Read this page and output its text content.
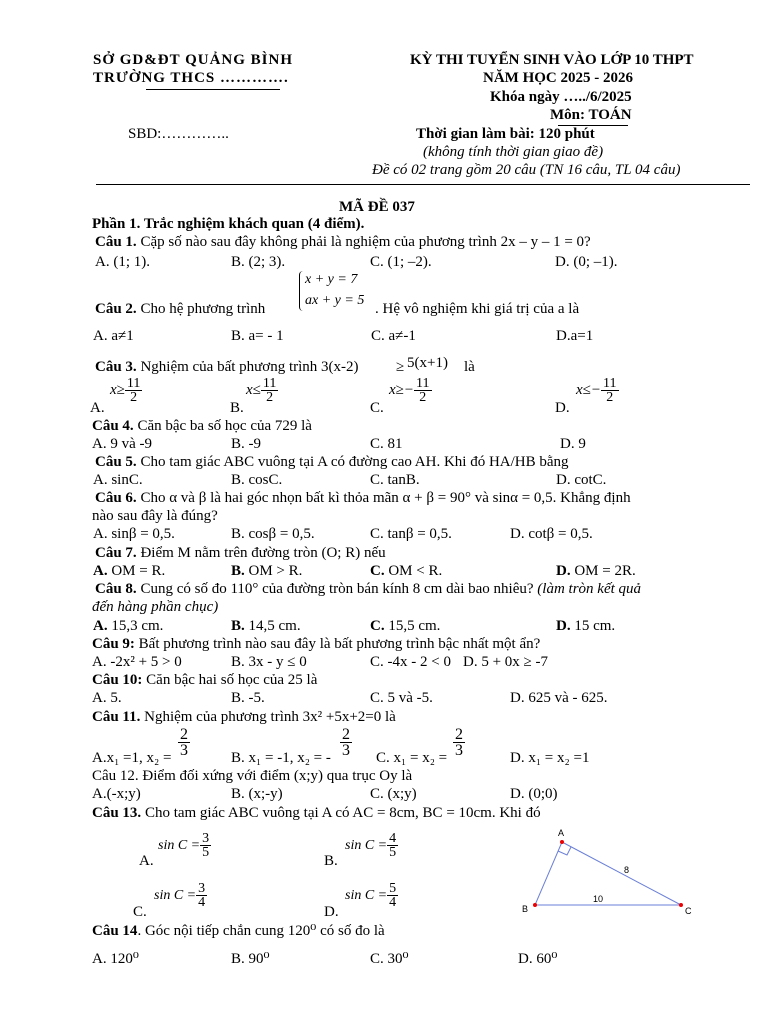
SỞ GD&ĐT QUẢNG BÌNH
TRƯỜNG THCS ………….
KỲ THI TUYỂN SINH VÀO LỚP 10 THPT
NĂM HỌC 2025 - 2026
Khóa ngày …../6/2025
Môn: TOÁN
SBD:…………..	Thời gian làm bài: 120 phút
(không tính thời gian giao đề)
Đề có 02 trang gồm 20 câu (TN 16 câu, TL 04 câu)
MÃ ĐỀ 037
Phần 1. Trắc nghiệm khách quan (4 điểm).
Câu 1. Cặp số nào sau đây không phải là nghiệm của phương trình 2x – y – 1 = 0?
A. (1; 1).	B. (2; 3).	C. (1; –2).	D. (0; –1).
Câu 2. Cho hệ phương trình
x + y = 7
ax + y = 5
. Hệ vô nghiệm khi giá trị của a là
A. a≠1	B. a= - 1	C. a≠-1	D.a=1
Câu 3. Nghiệm của bất phương trình 3(x-2) ≥ 5(x+1) là
A.
$x\ge \frac{11}{2}$
B.
$x\le \frac{11}{2}$
C.
$x\ge- \frac{11}{2}$
D.
$x\le- \frac{11}{2}$
Câu 4. Căn bậc ba số học của 729 là
A. 9 và -9	B. -9	C. 81	D. 9
Câu 5. Cho tam giác ABC vuông tại A có đường cao AH. Khi đó HA/HB bằng
A. sinC.	B. cosC.	C. tanB.	D. cotC.
Câu 6. Cho α và β là hai góc nhọn bất kì thỏa mãn α + β = 90° và sinα = 0,5. Khẳng định
nào sau đây là đúng?
A. sinβ = 0,5.	B. cosβ = 0,5.	C. tanβ = 0,5.	D. cotβ = 0,5.
Câu 7. Điểm M nằm trên đường tròn (O; R) nếu
A. OM = R.	B. OM > R.	C. OM < R.	D. OM = 2R.
Câu 8. Cung có số đo 110° của đường tròn bán kính 8 cm dài bao nhiêu? (làm tròn kết quả
đến hàng phần chục)
A. 15,3 cm.	B. 14,5 cm.	C. 15,5 cm.	D. 15 cm.
Câu 9: Bất phương trình nào sau đây là bất phương trình bậc nhất một ẩn?
A. -2x² + 5 > 0	B. 3x - y ≤ 0	C. -4x - 2 < 0 D. 5 + 0x ≥ -7
Câu 10: Căn bậc hai số học của 25 là
A. 5.	B. -5.	C. 5 và -5.	D. 625 và - 625.
Câu 11. Nghiệm của phương trình 3x² +5x+2=0 là
A.x₁ =1, $x_2 = \frac{2}{3}$	B. x₁ = -1, x₂ = - $\frac{2}{3} C$. $x_1 = x_2 = \frac{2}{3}$	D. x₁ = x₂ =1
Câu 12. Điểm đối xứng với điểm (x;y) qua trục Oy là
A.(-x;y)	B. (x;-y)	C. (x;y)	D. (0;0)
Câu 13. Cho tam giác ABC vuông tại A có AC = 8cm, BC = 10cm. Khi đó
A.
$\sin C = \frac{3}{5}$
B.
$\sin C = \frac{4}{5}$
C.
$\sin C = \frac{3}{4}$
D.
$\sin C = \frac{5}{4}$
A
B	C
8
10
Câu 14. Góc nội tiếp chắn cung 120⁰ có số đo là
A. 120⁰	B. 90⁰	C. 30⁰	D. 60⁰
